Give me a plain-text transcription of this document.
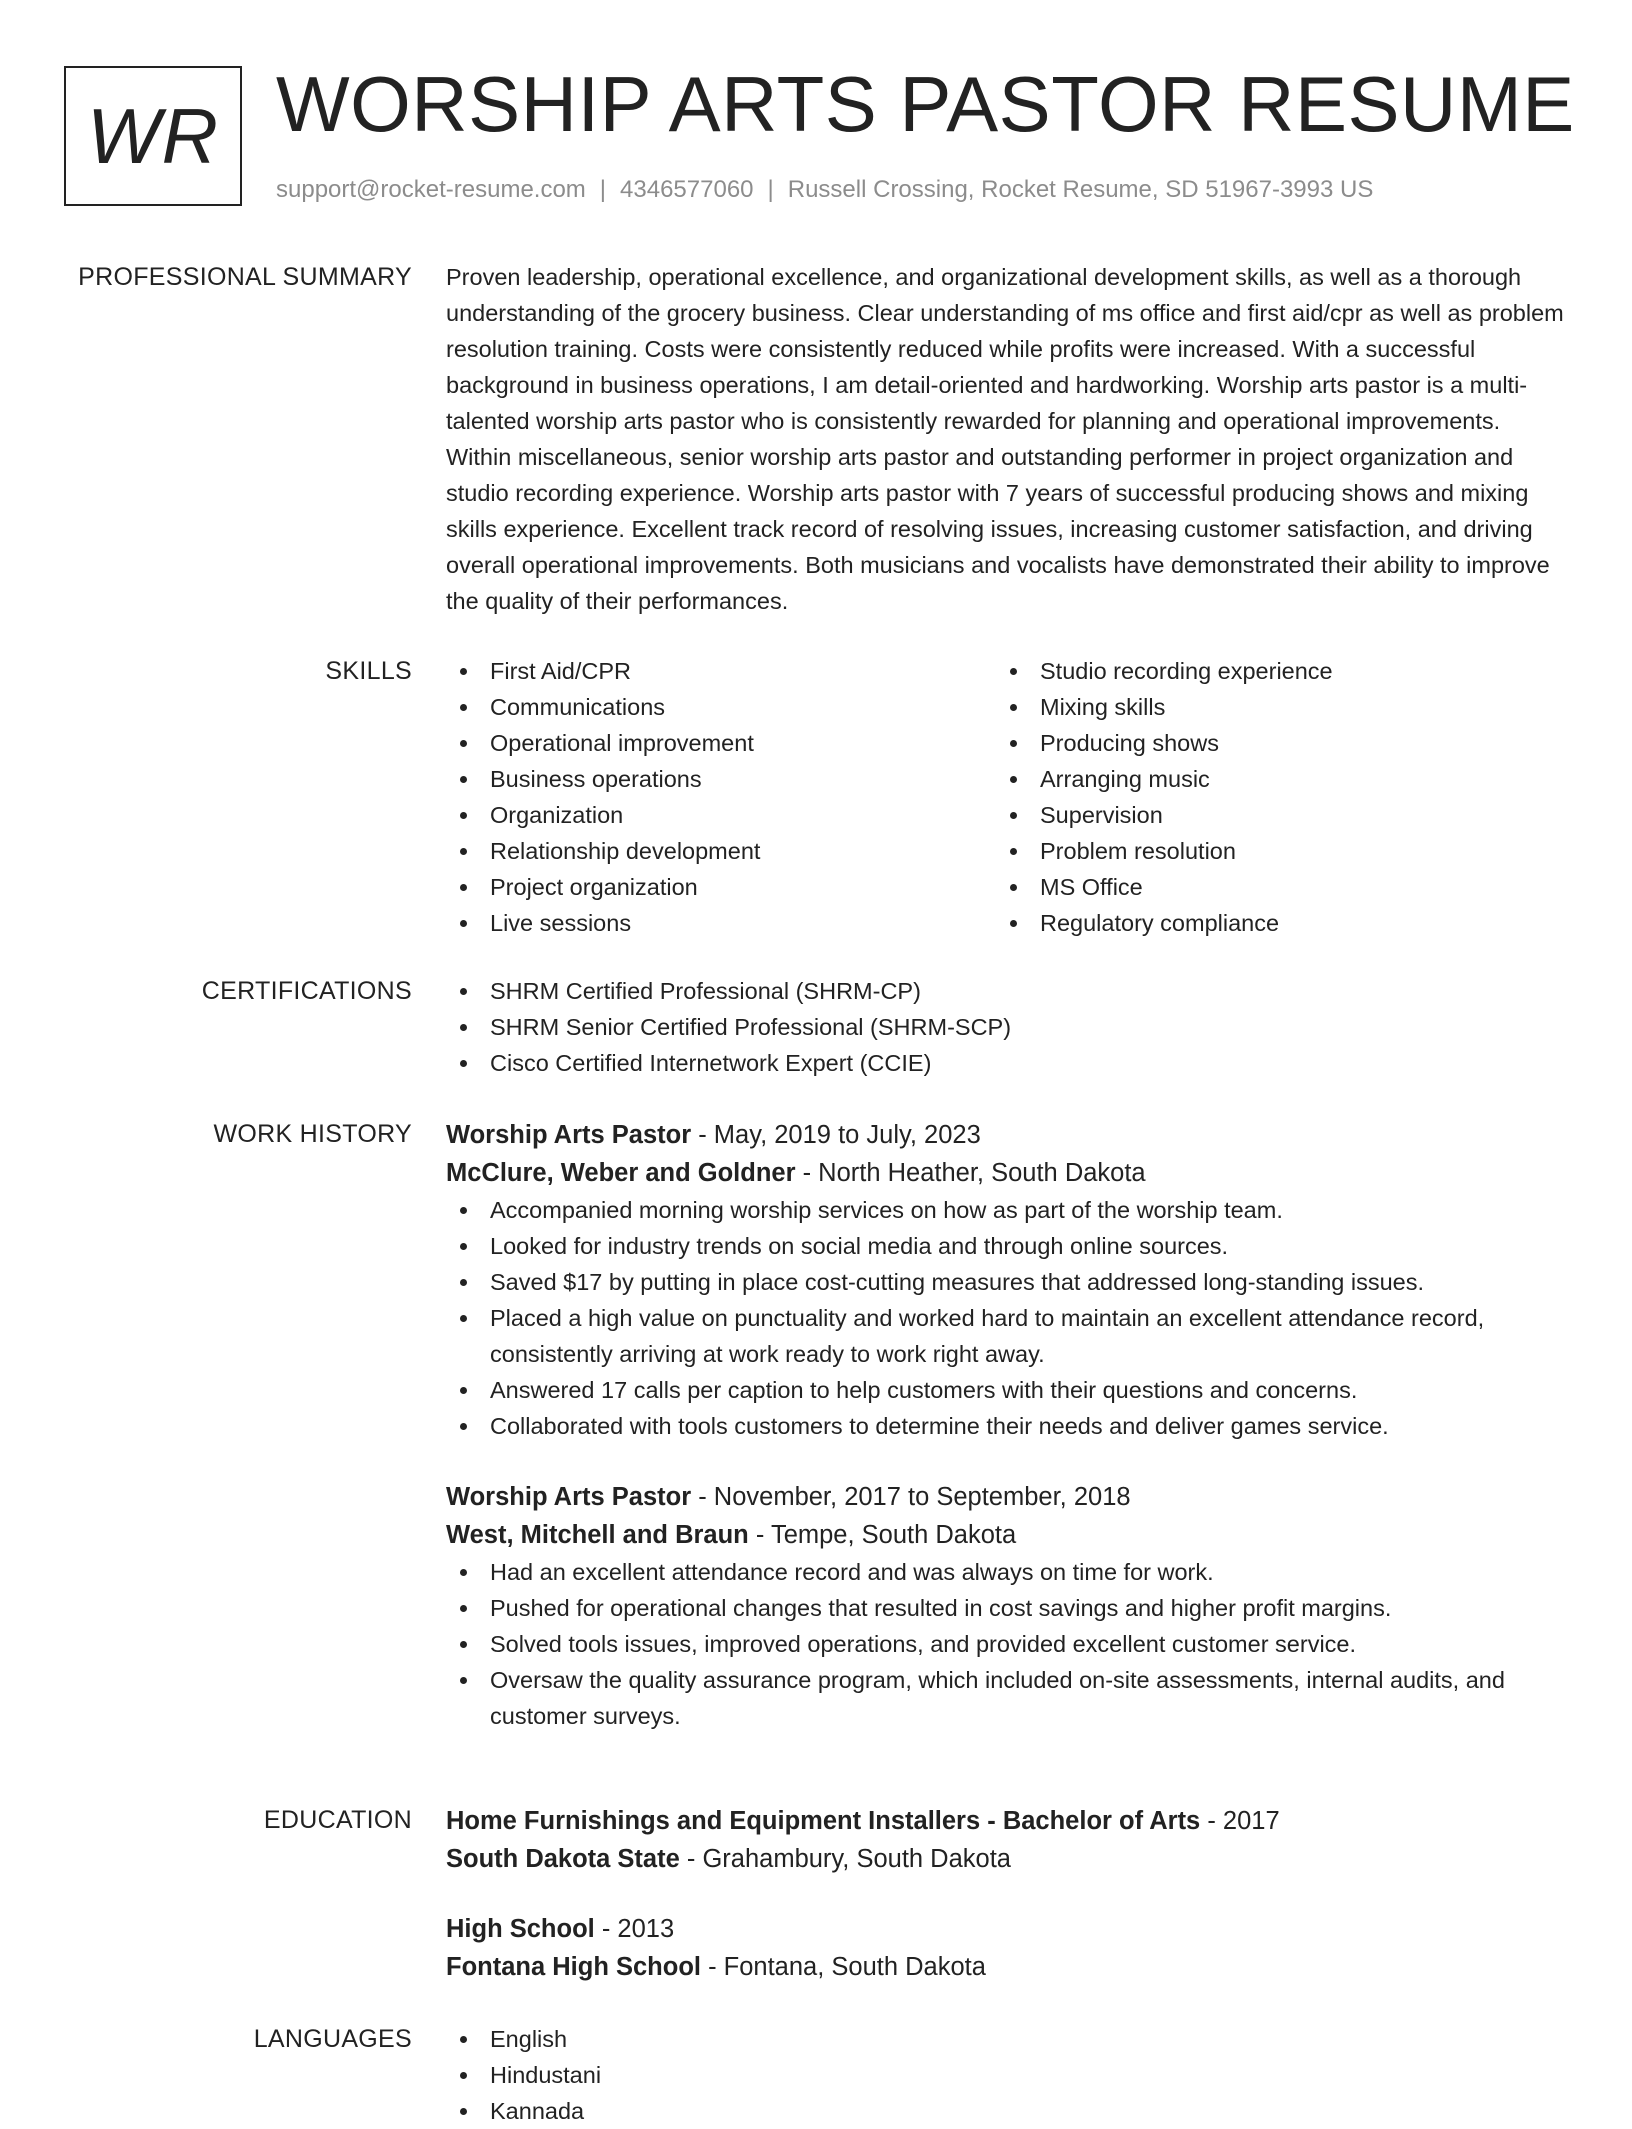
WR WORSHIP ARTS PASTOR RESUME
support@rocket-resume.com | 4346577060 | Russell Crossing, Rocket Resume, SD 51967-3993 US
PROFESSIONAL SUMMARY Proven leadership, operational excellence, and organizational development skills, as well as a thorough understanding of the grocery business. Clear understanding of ms office and first aid/cpr as well as problem resolution training. Costs were consistently reduced while profits were increased. With a successful background in business operations, I am detail-oriented and hardworking. Worship arts pastor is a multi-talented worship arts pastor who is consistently rewarded for planning and operational improvements. Within miscellaneous, senior worship arts pastor and outstanding performer in project organization and studio recording experience. Worship arts pastor with 7 years of successful producing shows and mixing skills experience. Excellent track record of resolving issues, increasing customer satisfaction, and driving overall operational improvements. Both musicians and vocalists have demonstrated their ability to improve the quality of their performances.

SKILLS	First Aid/CPR
Communications
Operational improvement
Business operations
Organization
Relationship development
Project organization
Live sessions
Studio recording experience
Mixing skills
Producing shows
Arranging music
Supervision
Problem resolution
MS Office
Regulatory compliance
CERTIFICATIONS	SHRM Certified Professional (SHRM-CP)
SHRM Senior Certified Professional (SHRM-SCP)
Cisco Certified Internetwork Expert (CCIE)
WORK HISTORY Worship Arts Pastor - May, 2019 to July, 2023
McClure, Weber and Goldner - North Heather, South Dakota
Accompanied morning worship services on how as part of the worship team.
Looked for industry trends on social media and through online sources.
Saved $17 by putting in place cost-cutting measures that addressed long-standing issues.
Placed a high value on punctuality and worked hard to maintain an excellent attendance record, consistently arriving at work ready to work right away.
Answered 17 calls per caption to help customers with their questions and concerns.
Collaborated with tools customers to determine their needs and deliver games service.
Worship Arts Pastor - November, 2017 to September, 2018
West, Mitchell and Braun - Tempe, South Dakota
Had an excellent attendance record and was always on time for work.
Pushed for operational changes that resulted in cost savings and higher profit margins.
Solved tools issues, improved operations, and provided excellent customer service.
Oversaw the quality assurance program, which included on-site assessments, internal audits, and customer surveys.
EDUCATION Home Furnishings and Equipment Installers - Bachelor of Arts - 2017
South Dakota State - Grahambury, South Dakota
High School - 2013
Fontana High School - Fontana, South Dakota
LANGUAGES	English
Hindustani
Kannada
